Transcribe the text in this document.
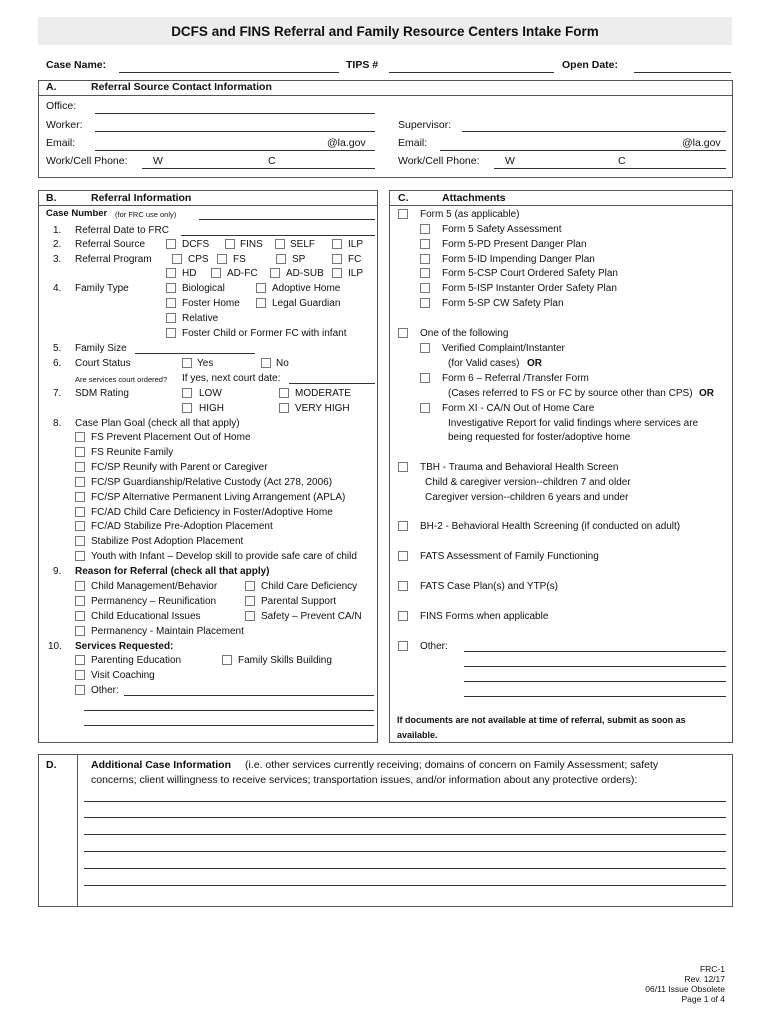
DCFS and FINS Referral and Family Resource Centers Intake Form
Case Name:	TIPS #	Open Date:
A.	Referral Source Contact Information
Office:
Worker:
Email:	@la.gov
Work/Cell Phone: W	C
Supervisor:
Email:	@la.gov
Work/Cell Phone: W	C
B.	Referral Information	C.	Attachments
Case Number (for FRC use only)
1. Referral Date to FRC
2. Referral Source	DCFS	FINS	SELF	ILP
3. Referral Program	CPS FS	SP	FC
HD	AD-FC	AD-SUB ILP
4. Family Type	Biological	Adoptive Home
Foster Home	Legal Guardian
Relative
Foster Child or Former FC with infant
5. Family Size
6. Court Status	Yes	No
Are services court ordered? If yes, next court date:
7. SDM Rating	LOW	MODERATE
HIGH	VERY HIGH
8. Case Plan Goal (check all that apply)
FS Prevent Placement Out of Home
FS Reunite Family
FC/SP Reunify with Parent or Caregiver
FC/SP Guardianship/Relative Custody (Act 278, 2006)
FC/SP Alternative Permanent Living Arrangement (APLA)
FC/AD Child Care Deficiency in Foster/Adoptive Home
FC/AD Stabilize Pre-Adoption Placement
Stabilize Post Adoption Placement
Youth with Infant – Develop skill to provide safe care of child
9. Reason for Referral (check all that apply)
Child Management/Behavior	Child Care Deficiency
Permanency – Reunification	Parental Support
Child Educational Issues	Safety – Prevent CA/N
Permanency - Maintain Placement
10. Services Requested:
Parenting Education	Family Skills Building
Visit Coaching
Other:
Form 5 (as applicable)
Form 5 Safety Assessment
Form 5-PD Present Danger Plan
Form 5-ID Impending Danger Plan
Form 5-CSP Court Ordered Safety Plan
Form 5-ISP Instanter Order Safety Plan
Form 5-SP CW Safety Plan
One of the following
Verified Complaint/Instanter
(for Valid cases) OR
Form 6 – Referral /Transfer Form
(Cases referred to FS or FC by source other than CPS) OR
Form XI - CA/N Out of Home Care
Investigative Report for valid findings where services are
being requested for foster/adoptive home
TBH - Trauma and Behavioral Health Screen
Child & caregiver version--children 7 and older
Caregiver version--children 6 years and under
BH-2 - Behavioral Health Screening (if conducted on adult)
FATS Assessment of Family Functioning
FATS Case Plan(s) and YTP(s)
FINS Forms when applicable
Other:
If documents are not available at time of referral, submit as soon as
available.
D.	Additional Case Information (i.e. other services currently receiving; domains of concern on Family Assessment; safety
concerns; client willingness to receive services; transportation issues, and/or information about any protective orders):
FRC-1
Rev. 12/17
06/11 Issue Obsolete
Page 1 of 4
